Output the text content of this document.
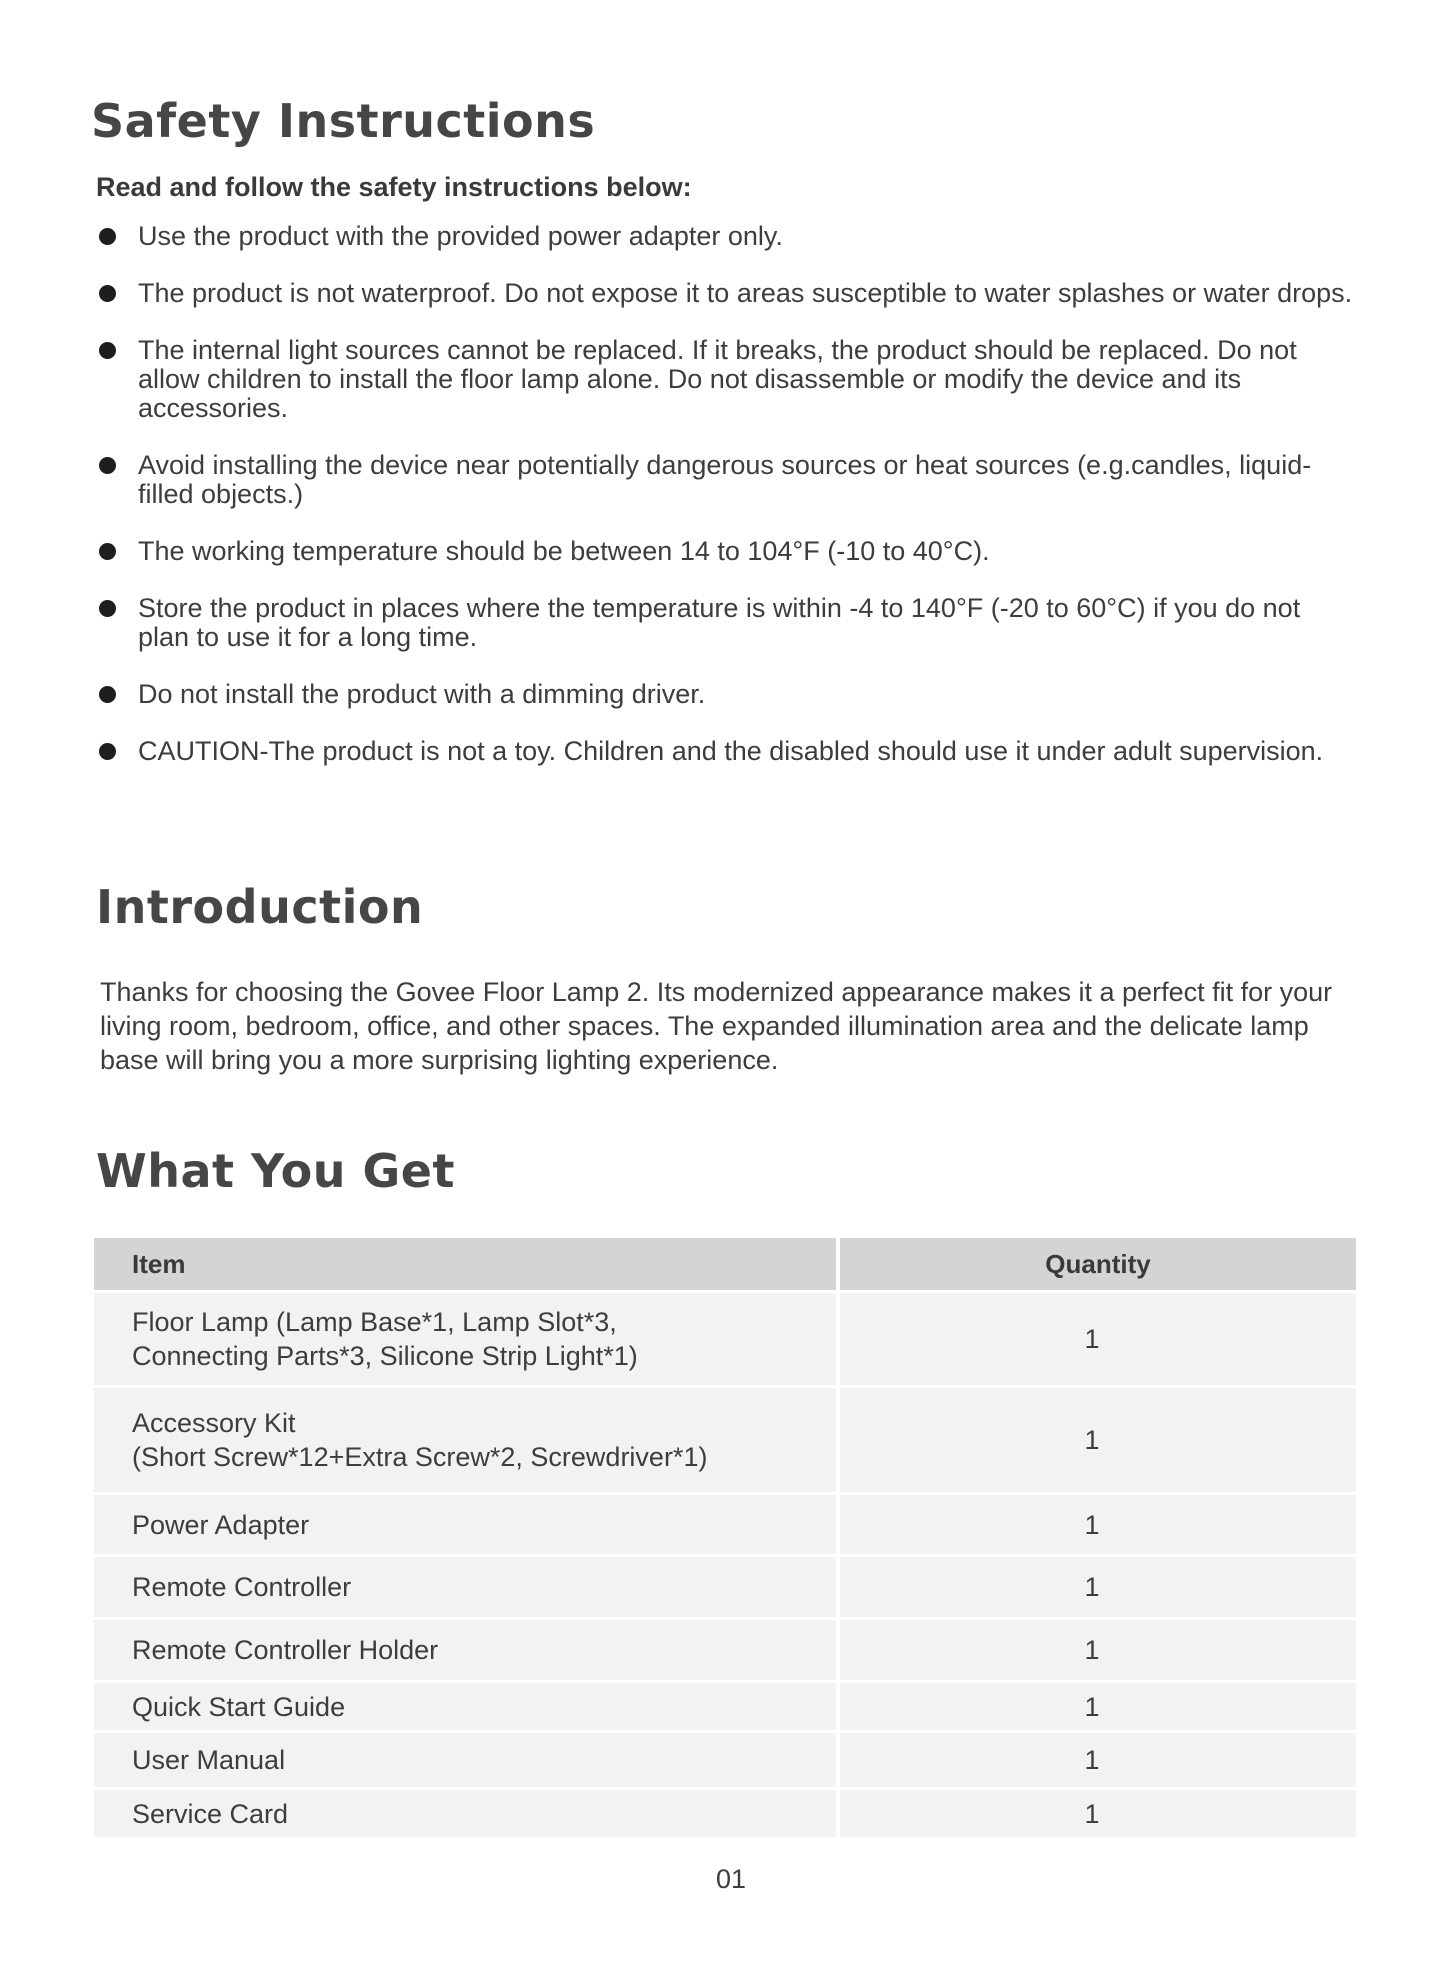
Safety Instructions

Read and follow the safety instructions below:

Use the product with the provided power adapter only.
The product is not waterproof. Do not expose it to areas susceptible to water splashes or water drops.
The internal light sources cannot be replaced. If it breaks, the product should be replaced. Do not allow children to install the floor lamp alone. Do not disassemble or modify the device and its accessories.
Avoid installing the device near potentially dangerous sources or heat sources (e.g.candles, liquid-filled objects.)
The working temperature should be between 14 to 104°F (-10 to 40°C).
Store the product in places where the temperature is within -4 to 140°F (-20 to 60°C) if you do not plan to use it for a long time.
Do not install the product with a dimming driver.
CAUTION-The product is not a toy. Children and the disabled should use it under adult supervision.
Introduction

Thanks for choosing the Govee Floor Lamp 2. Its modernized appearance makes it a perfect fit for your living room, bedroom, office, and other spaces. The expanded illumination area and the delicate lamp base will bring you a more surprising lighting experience.

What You Get
Item	Quantity

Floor Lamp (Lamp Base*1, Lamp Slot*3,
Connecting Parts*3, Silicone Strip Light*1)	1

Accessory Kit
(Short Screw*12+Extra Screw*2, Screwdriver*1)	1

Power Adapter	1

Remote Controller	1

Remote Controller Holder	1

Quick Start Guide	1

User Manual	1

Service Card	1
01
